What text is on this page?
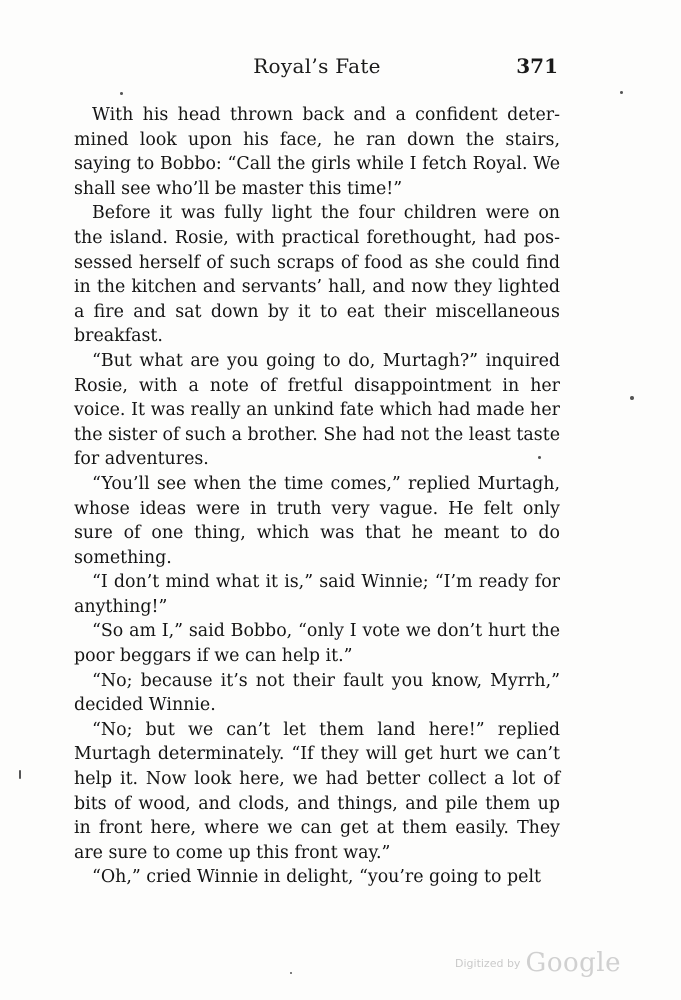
Royal’s Fate	371

With his head thrown back and a confident determined look upon his face, he ran down the stairs, saying to Bobbo: “Call the girls while I fetch Royal. We shall see who’ll be master this time!”

Before it was fully light the four children were on the island. Rosie, with practical forethought, had possessed herself of such scraps of food as she could find in the kitchen and servants’ hall, and now they lighted a fire and sat down by it to eat their miscellaneous breakfast.

“But what are you going to do, Murtagh?” inquired Rosie, with a note of fretful disappointment in her voice. It was really an unkind fate which had made her the sister of such a brother. She had not the least taste for adventures.

“You’ll see when the time comes,” replied Murtagh, whose ideas were in truth very vague. He felt only sure of one thing, which was that he meant to do something.

“I don’t mind what it is,” said Winnie; “I’m ready for anything!”

“So am I,” said Bobbo, “only I vote we don’t hurt the poor beggars if we can help it.”

“No; because it’s not their fault you know, Myrrh,” decided Winnie.

“No; but we can’t let them land here!” replied Murtagh determinately. “If they will get hurt we can’t help it. Now look here, we had better collect a lot of bits of wood, and clods, and things, and pile them up in front here, where we can get at them easily. They are sure to come up this front way.”

“Oh,” cried Winnie in delight, “you’re going to pelt

$^{Digitized by}$ Google
